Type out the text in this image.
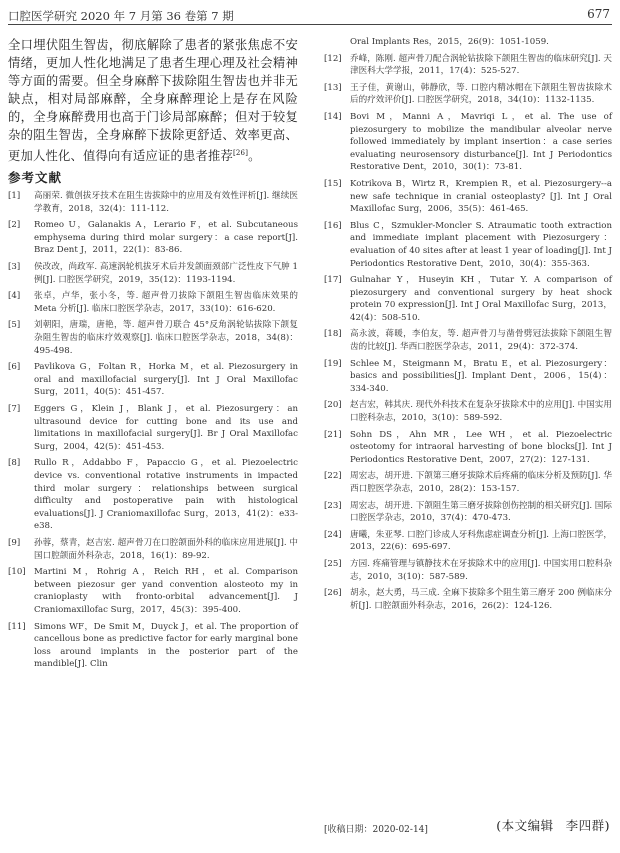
口腔医学研究 2020 年 7 月第 36 卷第 7 期	677

全口埋伏阻生智齿，彻底解除了患者的紧张焦虑不安情绪，更加人性化地满足了患者生理心理及社会精神等方面的需要。但全身麻醉下拔除阻生智齿也并非无缺点，相对局部麻醉，全身麻醉理论上是存在风险的，全身麻醉费用也高于门诊局部麻醉；但对于较复杂的阻生智齿，全身麻醉下拔除更舒适、效率更高、更加人性化、值得向有适应证的患者推荐[26]。

参考文献
[1]	高丽荣. 微创拔牙技术在阻生齿拔除中的应用及有效性评析[J]. 继续医学教育，2018，32(4)：111-112.
[2]	Romeo U，Galanakis A，Lerario F，et al. Subcutaneous emphysema during third molar surgery：a case report[J]. Braz Dent J，2011，22(1)：83-86.
[3]	侯改改，尚政军. 高速涡轮机拔牙术后并发颌面颈部广泛性皮下气肿 1 例[J]. 口腔医学研究，2019，35(12)：1193-1194.
[4]	张卓，卢华，张小冬，等. 超声骨刀拔除下颌阻生智齿临床效果的 Meta 分析[J]. 临床口腔医学杂志，2017，33(10)：616-620.
[5]	刘朝阳，唐瑞，唐艳，等. 超声骨刀联合 45°反角涡轮钻拔除下颌复杂阻生智齿的临床疗效观察[J]. 临床口腔医学杂志，2018，34(8)：495-498.
[6]	Pavlikova G，Foltan R，Horka M，et al. Piezosurgery in oral and maxillofacial surgery[J]. Int J Oral Maxillofac Surg，2011，40(5)：451-457.
[7]	Eggers G，Klein J，Blank J，et al. Piezosurgery：an ultrasound device for cutting bone and its use and limitations in maxillofacial surgery[J]. Br J Oral Maxillofac Surg，2004，42(5)：451-453.
[8]	Rullo R，Addabbo F，Papaccio G，et al. Piezoelectric device vs. conventional rotative instruments in impacted third molar surgery：relationships between surgical difficulty and postoperative pain with histological evaluations[J]. J Craniomaxillofac Surg，2013，41(2)：e33-e38.
[9]	孙蓉，蔡青，赵吉宏. 超声骨刀在口腔颌面外科的临床应用进展[J]. 中国口腔颌面外科杂志，2018，16(1)：89-92.
[10] Martini M，Rohrig A，Reich RH，et al. Comparison between piezosur ger yand convention alosteoto my in cranioplasty with fronto-orbital advancement[J]. J Craniomaxillofac Surg，2017，45(3)：395-400.
[11] Simons WF，De Smit M，Duyck J，et al. The proportion of cancellous bone as predictive factor for early marginal bone loss around implants in the posterior part of the mandible[J]. Clin
Oral Implants Res，2015，26(9)：1051-1059.
[12] 乔峰，陈刚. 超声骨刀配合涡轮钻拔除下颌阻生智齿的临床研究[J]. 天津医科大学学报，2011，17(4)：525-527.
[13] 王子佳，黄谢山，韩静欣，等. 口腔内精冰帽在下颌阻生智齿拔除术后的疗效评价[J]. 口腔医学研究，2018，34(10)：1132-1135.
[14] Bovi M，Manni A，Mavriqi L，et al. The use of piezosurgery to mobilize the mandibular alveolar nerve followed immediately by implant insertion：a case series evaluating neurosensory disturbance[J]. Int J Periodontics Restorative Dent，2010，30(1)：73-81.
[15] Kotrikova B，Wirtz R，Krempien R，et al. Piezosurgery--a new safe technique in cranial osteoplasty? [J]. Int J Oral Maxillofac Surg，2006，35(5)：461-465.
[16] Blus C，Szmukler-Moncler S. Atraumatic tooth extraction and immediate implant placement with Piezosurgery：evaluation of 40 sites after at least 1 year of loading[J]. Int J Periodontics Restorative Dent，2010，30(4)：355-363.
[17] Gulnahar Y，Huseyin KH，Tutar Y. A comparison of piezosurgery and conventional surgery by heat shock protein 70 expression[J]. Int J Oral Maxillofac Surg，2013，42(4)：508-510.
[18] 高永波，蒋暖，李伯友，等. 超声骨刀与凿骨劈冠法拔除下颌阻生智齿的比较[J]. 华西口腔医学杂志，2011，29(4)：372-374.
[19] Schlee M，Steigmann M，Bratu E，et al. Piezosurgery：basics and possibilities[J]. Implant Dent，2006，15(4)：334-340.
[20] 赵吉宏，韩其庆. 现代外科技术在复杂牙拔除术中的应用[J]. 中国实用口腔科杂志，2010，3(10)：589-592.
[21] Sohn DS，Ahn MR，Lee WH，et al. Piezoelectric osteotomy for intraoral harvesting of bone blocks[J]. Int J Periodontics Restorative Dent，2007，27(2)：127-131.
[22] 周宏志，胡开进. 下颌第三磨牙拔除术后疼痛的临床分析及预防[J]. 华西口腔医学杂志，2010，28(2)：153-157.
[23] 周宏志，胡开进. 下颌阻生第三磨牙拔除创伤控制的相关研究[J]. 国际口腔医学杂志，2010，37(4)：470-473.
[24] 唐曦，朱亚琴. 口腔门诊成人牙科焦虑症调查分析[J]. 上海口腔医学，2013，22(6)：695-697.
[25] 方园. 疼痛管理与镇静技术在牙拔除术中的应用[J]. 中国实用口腔科杂志，2010，3(10)：587-589.
[26] 胡永，赵大勇，马三成. 全麻下拔除多个阻生第三磨牙 200 例临床分析[J]. 口腔颌面外科杂志，2016，26(2)：124-126.
[收稿日期：2020-02-14]	(本文编辑 李四群)
